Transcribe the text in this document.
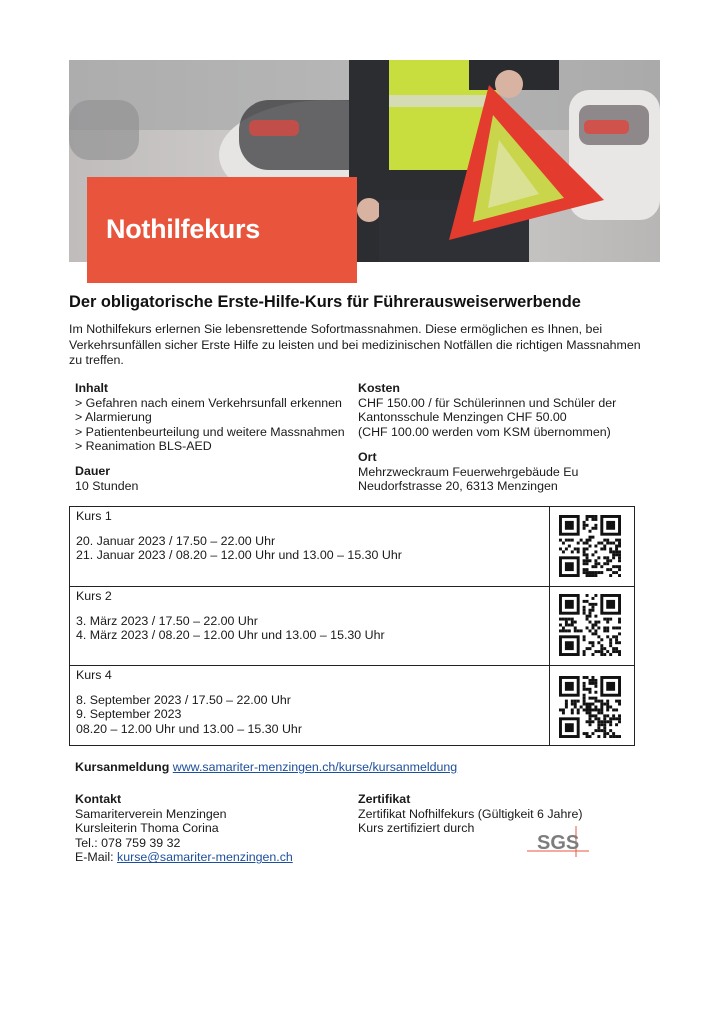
Nothilfekurs
Der obligatorische Erste-Hilfe-Kurs für Führerausweiserwerbende
Im Nothilfekurs erlernen Sie lebensrettende Sofortmassnahmen. Diese ermöglichen es Ihnen, bei
Verkehrsunfällen sicher Erste Hilfe zu leisten und bei medizinischen Notfällen die richtigen Massnahmen
zu treffen.
Inhalt
> Gefahren nach einem Verkehrsunfall erkennen
> Alarmierung
> Patientenbeurteilung und weitere Massnahmen
> Reanimation BLS-AED
Kosten
CHF 150.00 / für Schülerinnen und Schüler der
Kantonsschule Menzingen CHF 50.00
(CHF 100.00 werden vom KSM übernommen)
Dauer
10 Stunden
Ort
Mehrzweckraum Feuerwehrgebäude Eu
Neudorfstrasse 20, 6313 Menzingen
Kurs 1
20. Januar 2023 / 17.50 – 22.00 Uhr
21. Januar 2023 / 08.20 – 12.00 Uhr und 13.00 – 15.30 Uhr
Kurs 2
3. März 2023 / 17.50 – 22.00 Uhr
4. März 2023 / 08.20 – 12.00 Uhr und 13.00 – 15.30 Uhr
Kurs 4
8. September 2023 / 17.50 – 22.00 Uhr
9. September 2023
08.20 – 12.00 Uhr und 13.00 – 15.30 Uhr
Kursanmeldung www.samariter-menzingen.ch/kurse/kursanmeldung
Kontakt
Samariterverein Menzingen
Kursleiterin Thoma Corina
Tel.: 078 759 39 32
E-Mail: kurse@samariter-menzingen.ch
Zertifikat
Zertifikat Nofhilfekurs (Gültigkeit 6 Jahre)
Kurs zertifiziert durch
SGS
